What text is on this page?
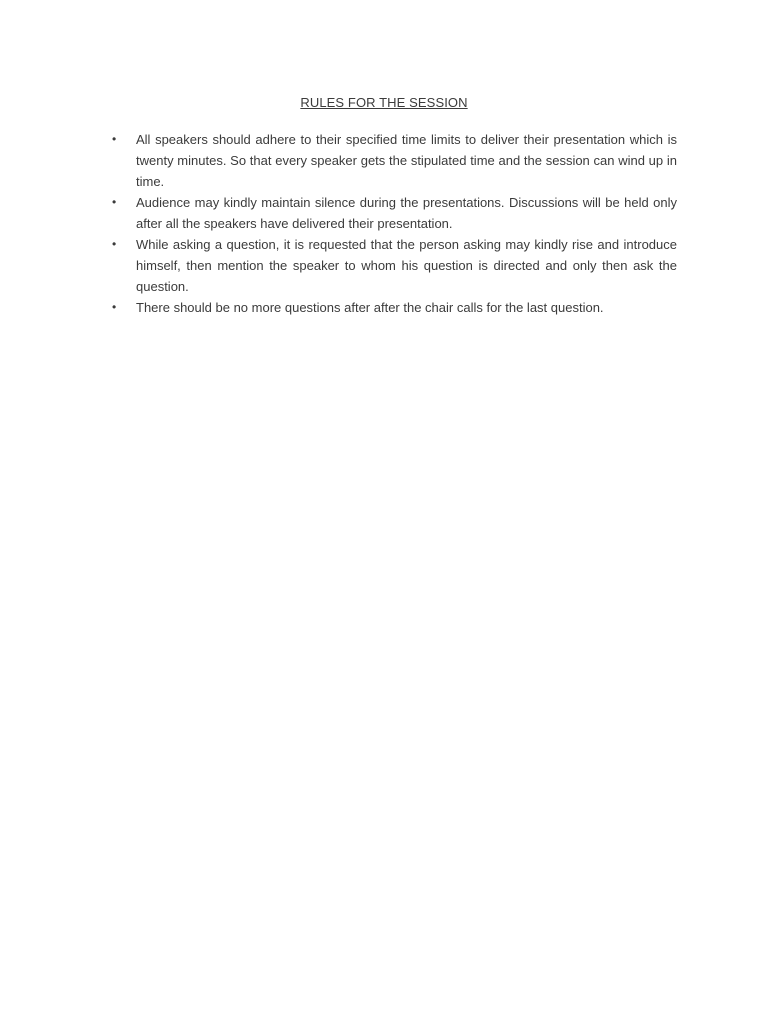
RULES FOR THE SESSION
• All speakers should adhere to their specified time limits to deliver their presentation which is twenty minutes. So that every speaker gets the stipulated time and the session can wind up in time.
• Audience may kindly maintain silence during the presentations. Discussions will be held only after all the speakers have delivered their presentation.
• While asking a question, it is requested that the person asking may kindly rise and introduce himself, then mention the speaker to whom his question is directed and only then ask the question.
• There should be no more questions after after the chair calls for the last question.
